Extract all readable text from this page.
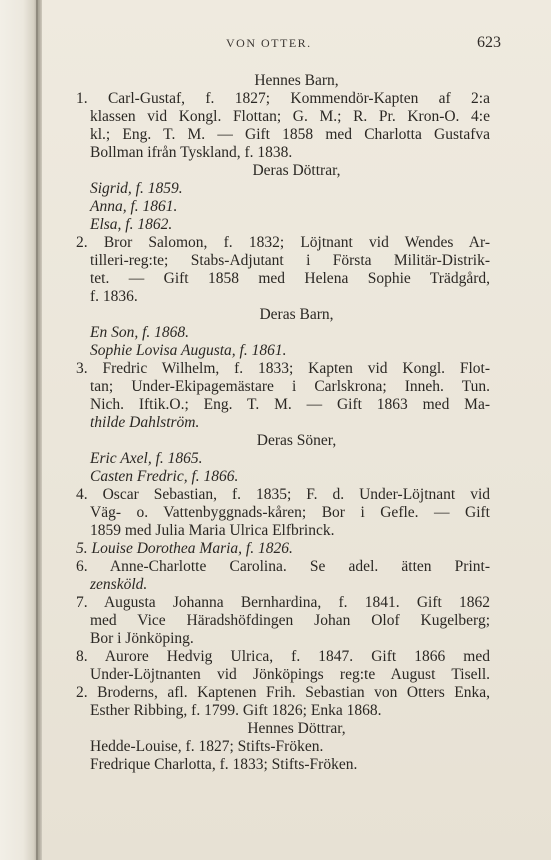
VON OTTER.	623
Hennes Barn,
1. Carl-Gustaf, f. 1827; Kommendör-Kapten af 2:a
klassen vid Kongl. Flottan; G. M.; R. Pr. Kron-O. 4:e
kl.; Eng. T. M. — Gift 1858 med Charlotta Gustafva
Bollman ifrån Tyskland, f. 1838.
Deras Döttrar,
Sigrid, f. 1859.
Anna, f. 1861.
Elsa, f. 1862.
2. Bror Salomon, f. 1832; Löjtnant vid Wendes Ar-
tilleri-reg:te; Stabs-Adjutant i Första Militär-Distrik-
tet. — Gift 1858 med Helena Sophie Trädgård,
f. 1836.
Deras Barn,
En Son, f. 1868.
Sophie Lovisa Augusta, f. 1861.
3. Fredric Wilhelm, f. 1833; Kapten vid Kongl. Flot-
tan; Under-Ekipagemästare i Carlskrona; Inneh. Tun.
Nich. Iftik.O.; Eng. T. M. — Gift 1863 med Ma-
thilde Dahlström.
Deras Söner,
Eric Axel, f. 1865.
Casten Fredric, f. 1866.
4. Oscar Sebastian, f. 1835; F. d. Under-Löjtnant vid
Väg- o. Vattenbyggnads-kåren; Bor i Gefle. — Gift
1859 med Julia Maria Ulrica Elfbrinck.
5. Louise Dorothea Maria, f. 1826.
6. Anne-Charlotte Carolina. Se adel. ätten Print-
zensköld.
7. Augusta Johanna Bernhardina, f. 1841. Gift 1862
med Vice Häradshöfdingen Johan Olof Kugelberg;
Bor i Jönköping.
8. Aurore Hedvig Ulrica, f. 1847. Gift 1866 med
Under-Löjtnanten vid Jönköpings reg:te August Tisell.
2. Broderns, afl. Kaptenen Frih. Sebastian von Otters Enka,
Esther Ribbing, f. 1799. Gift 1826; Enka 1868.
Hennes Döttrar,
Hedde-Louise, f. 1827; Stifts-Fröken.
Fredrique Charlotta, f. 1833; Stifts-Fröken.
